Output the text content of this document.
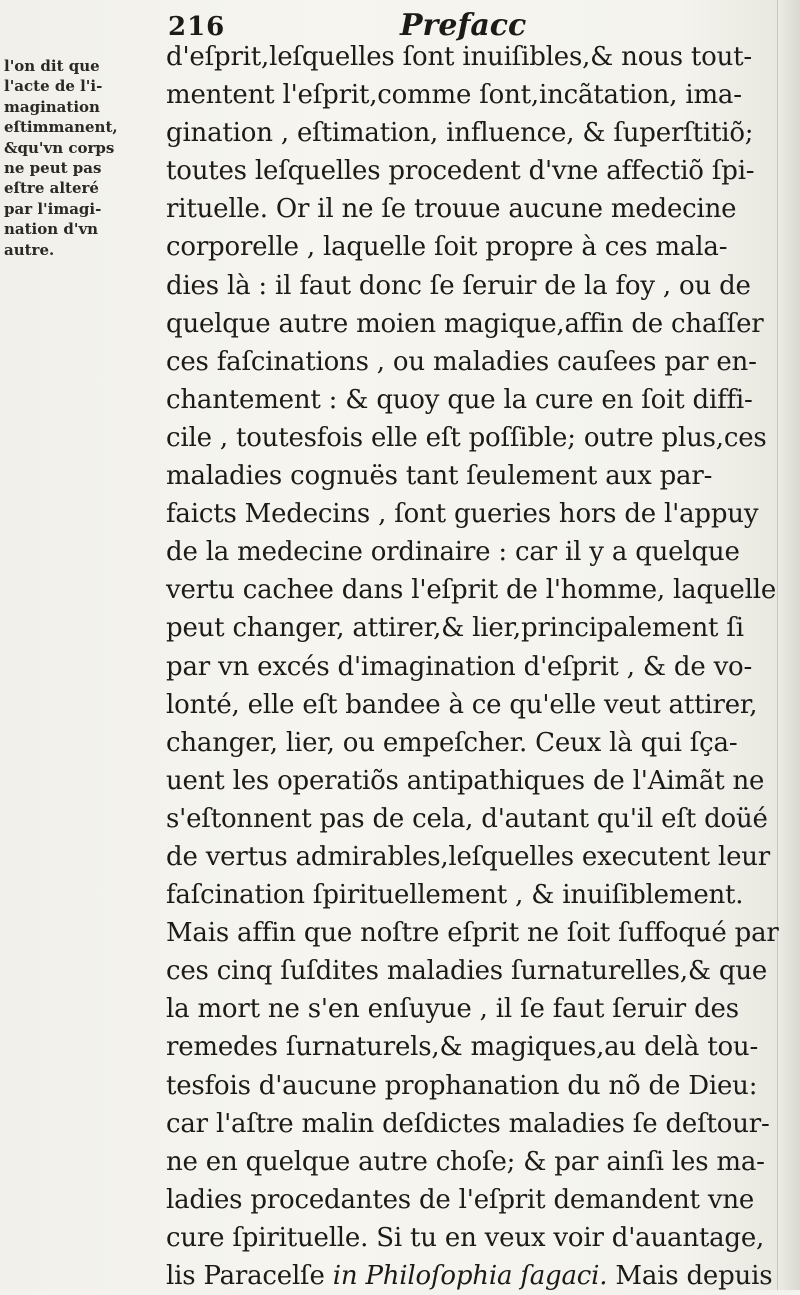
216	Prefacc
l'on dit que
l'acte de l'i-
magination
eſtimmanent,
&qu'vn corps
ne peut pas
eſtre alteré
par l'imagi-
nation d'vn
autre.
d'eſprit,leſquelles ſont inuiſibles,& nous tout-
mentent l'eſprit,comme ſont,incãtation, ima-
gination , eſtimation, influence, & ſuperſtitiõ;
toutes leſquelles procedent d'vne affectiõ ſpi-
rituelle. Or il ne ſe trouue aucune medecine
corporelle , laquelle ſoit propre à ces mala-
dies là : il faut donc ſe ſeruir de la foy , ou de
quelque autre moien magique,affin de chaſſer
ces faſcinations , ou maladies cauſees par en-
chantement : & quoy que la cure en ſoit diffi-
cile , toutesfois elle eſt poſſible; outre plus,ces
maladies cognuës tant ſeulement aux par-
faicts Medecins , ſont gueries hors de l'appuy
de la medecine ordinaire : car il y a quelque
vertu cachee dans l'eſprit de l'homme, laquelle
peut changer, attirer,& lier,principalement ſi
par vn excés d'imagination d'eſprit , & de vo-
lonté, elle eſt bandee à ce qu'elle veut attirer,
changer, lier, ou empeſcher. Ceux là qui ſça-
uent les operatiõs antipathiques de l'Aimãt ne
s'eſtonnent pas de cela, d'autant qu'il eſt doüé
de vertus admirables,leſquelles executent leur
faſcination ſpirituellement , & inuiſiblement.
Mais affin que noſtre eſprit ne ſoit ſuffoqué par
ces cinq ſuſdites maladies ſurnaturelles,& que
la mort ne s'en enſuyue , il ſe faut ſeruir des
remedes ſurnaturels,& magiques,au delà tou-
tesfois d'aucune prophanation du nõ de Dieu:
car l'aſtre malin deſdictes maladies ſe deſtour-
ne en quelque autre choſe; & par ainſi les ma-
ladies procedantes de l'eſprit demandent vne
cure ſpirituelle. Si tu en veux voir d'auantage,
lis Paracelſe in Philoſophia ſagaci. Mais depuis
